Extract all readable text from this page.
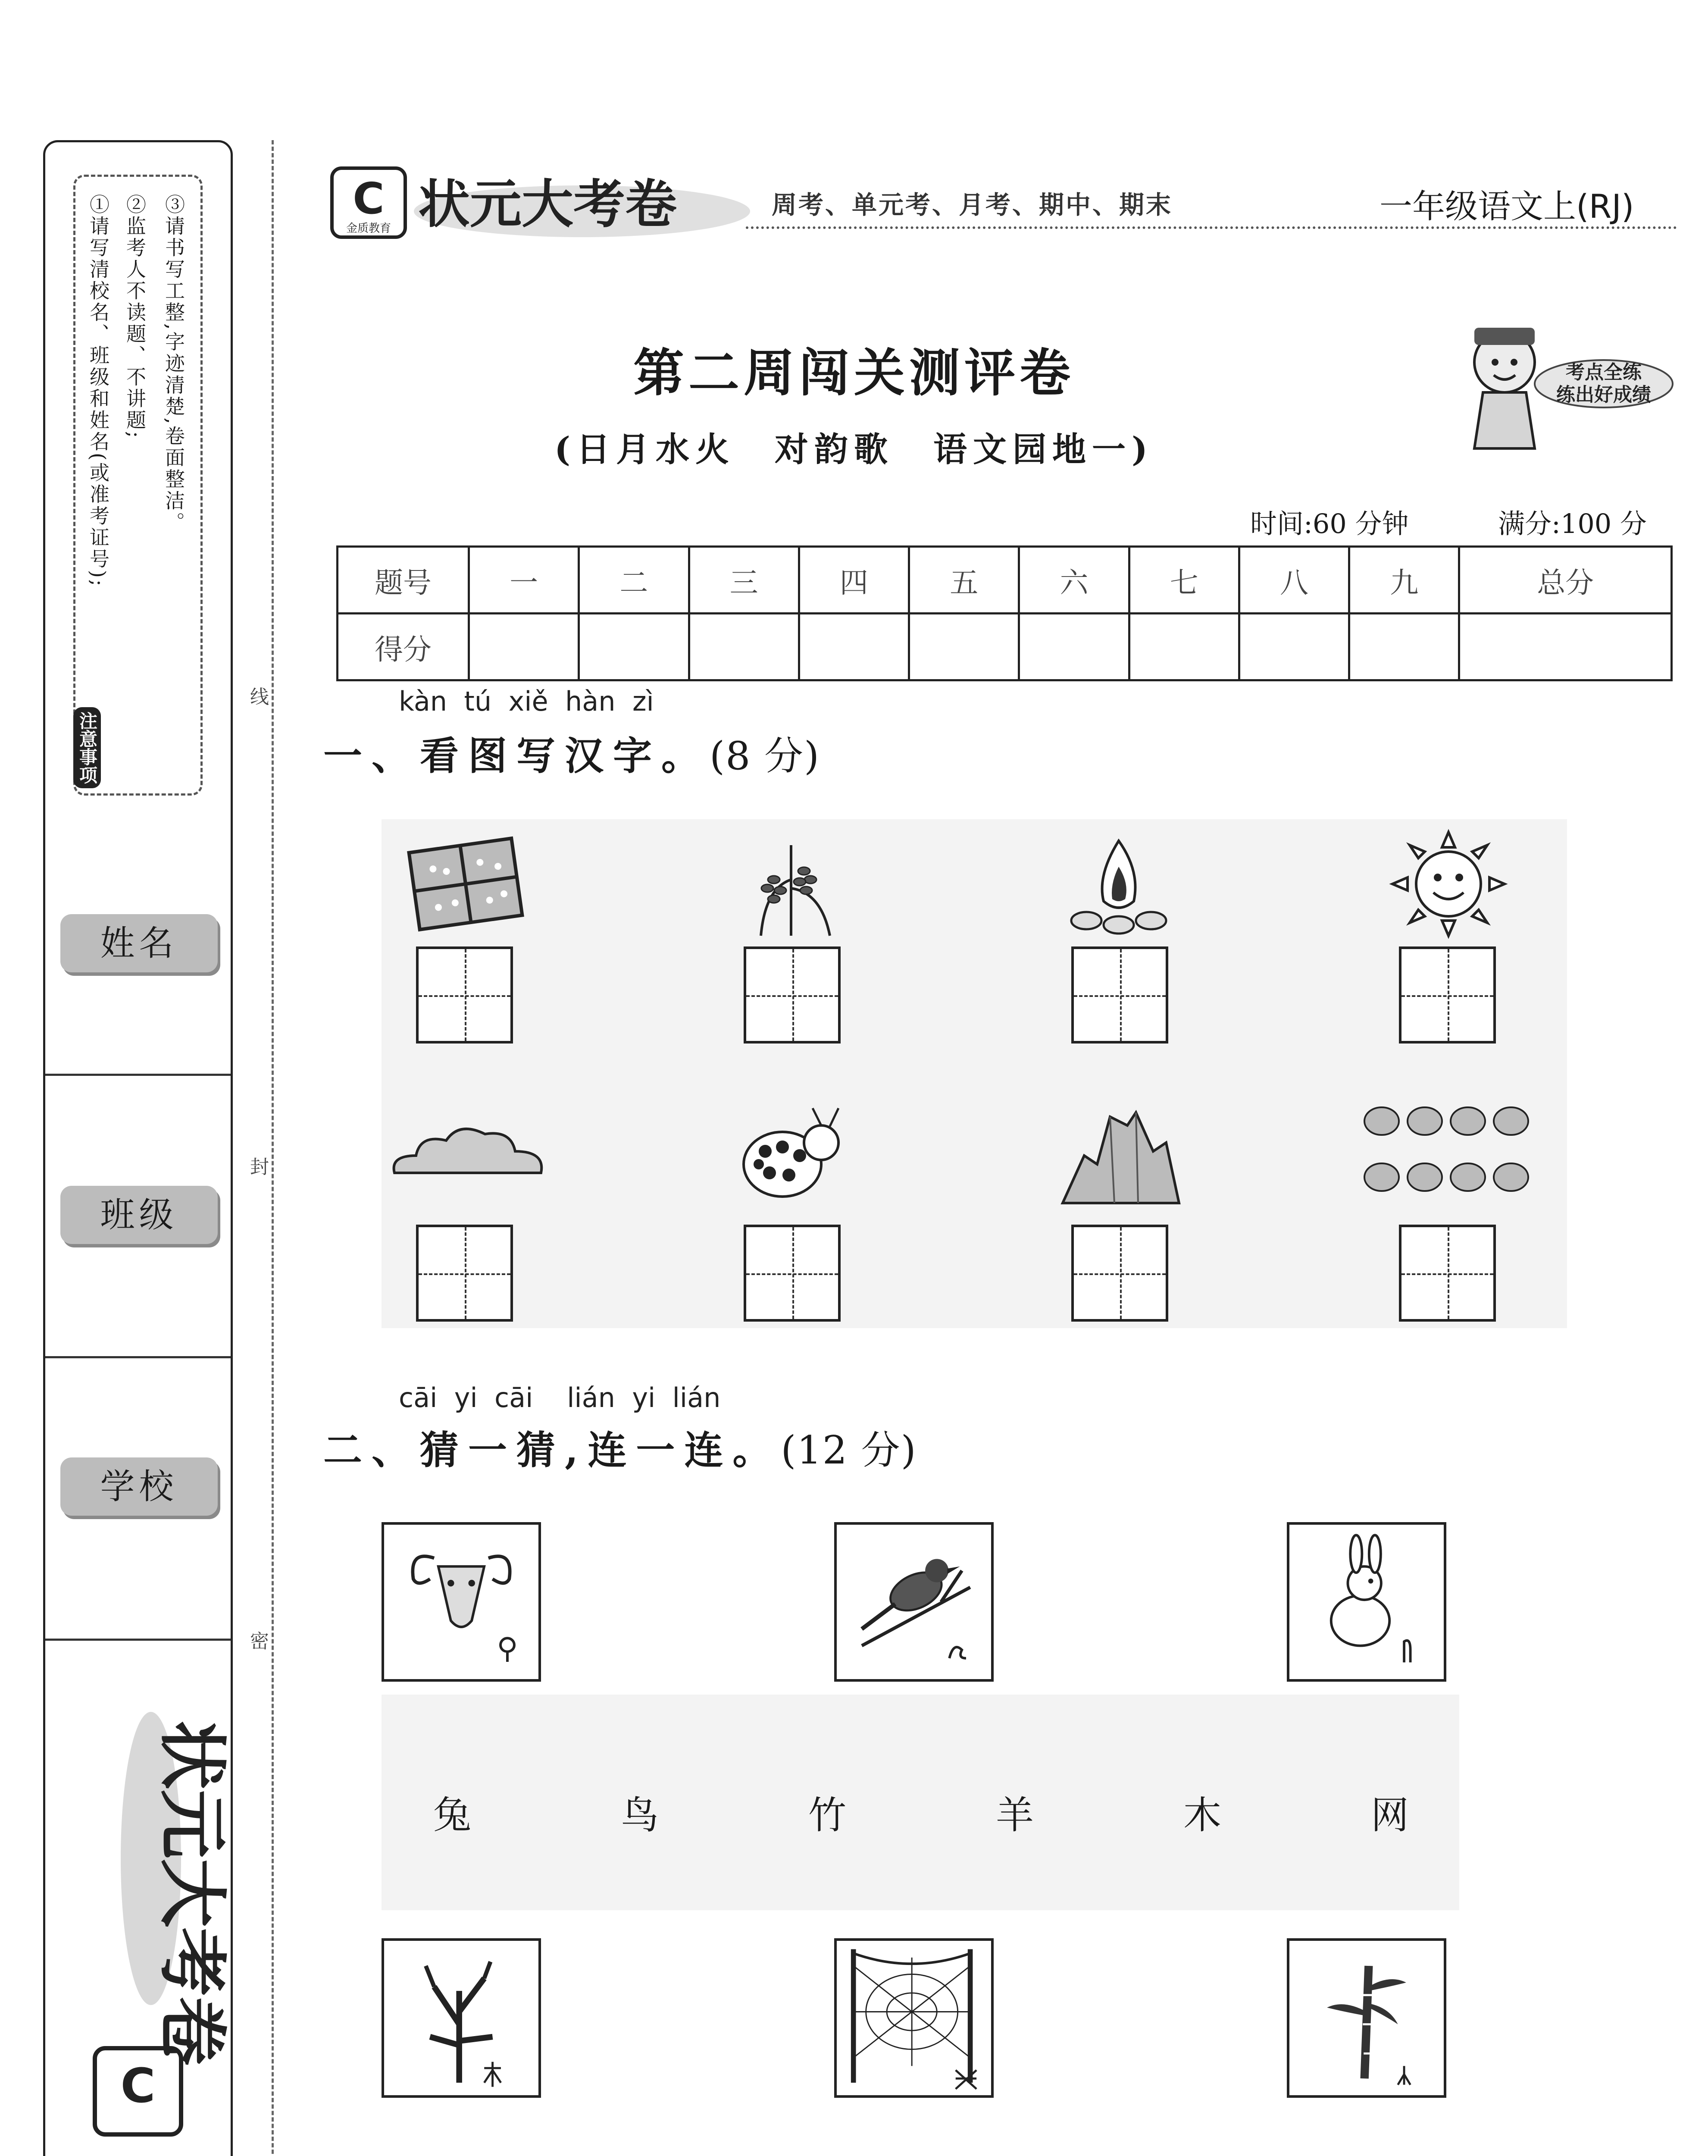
①请写清校名、班级和姓名(或准考证号); ②监考人不读题、不讲题; ③请书写工整,字迹清楚,卷面整洁。
注意事项
姓名
班级
学校
C
状元大考卷
线
封
密
C
金质教育 状元大考卷	周考、单元考、月考、期中、期末	一年级语文上(RJ)
第二周闯关测评卷
(日月水火　对韵歌　语文园地一)
考点全练
练出好成绩
时间:60 分钟	满分:100 分
题号	一	二	三	四	五	六	七	八	九	总分
得分										
kàn  tú  xiě  hàn  zì
一、看图写汉字。(8 分)
cāi  yi  cāi    lián  yi  lián
二、猜一猜,连一连。(12 分)
⚲
兔	鸟	竹	羊	木	网
